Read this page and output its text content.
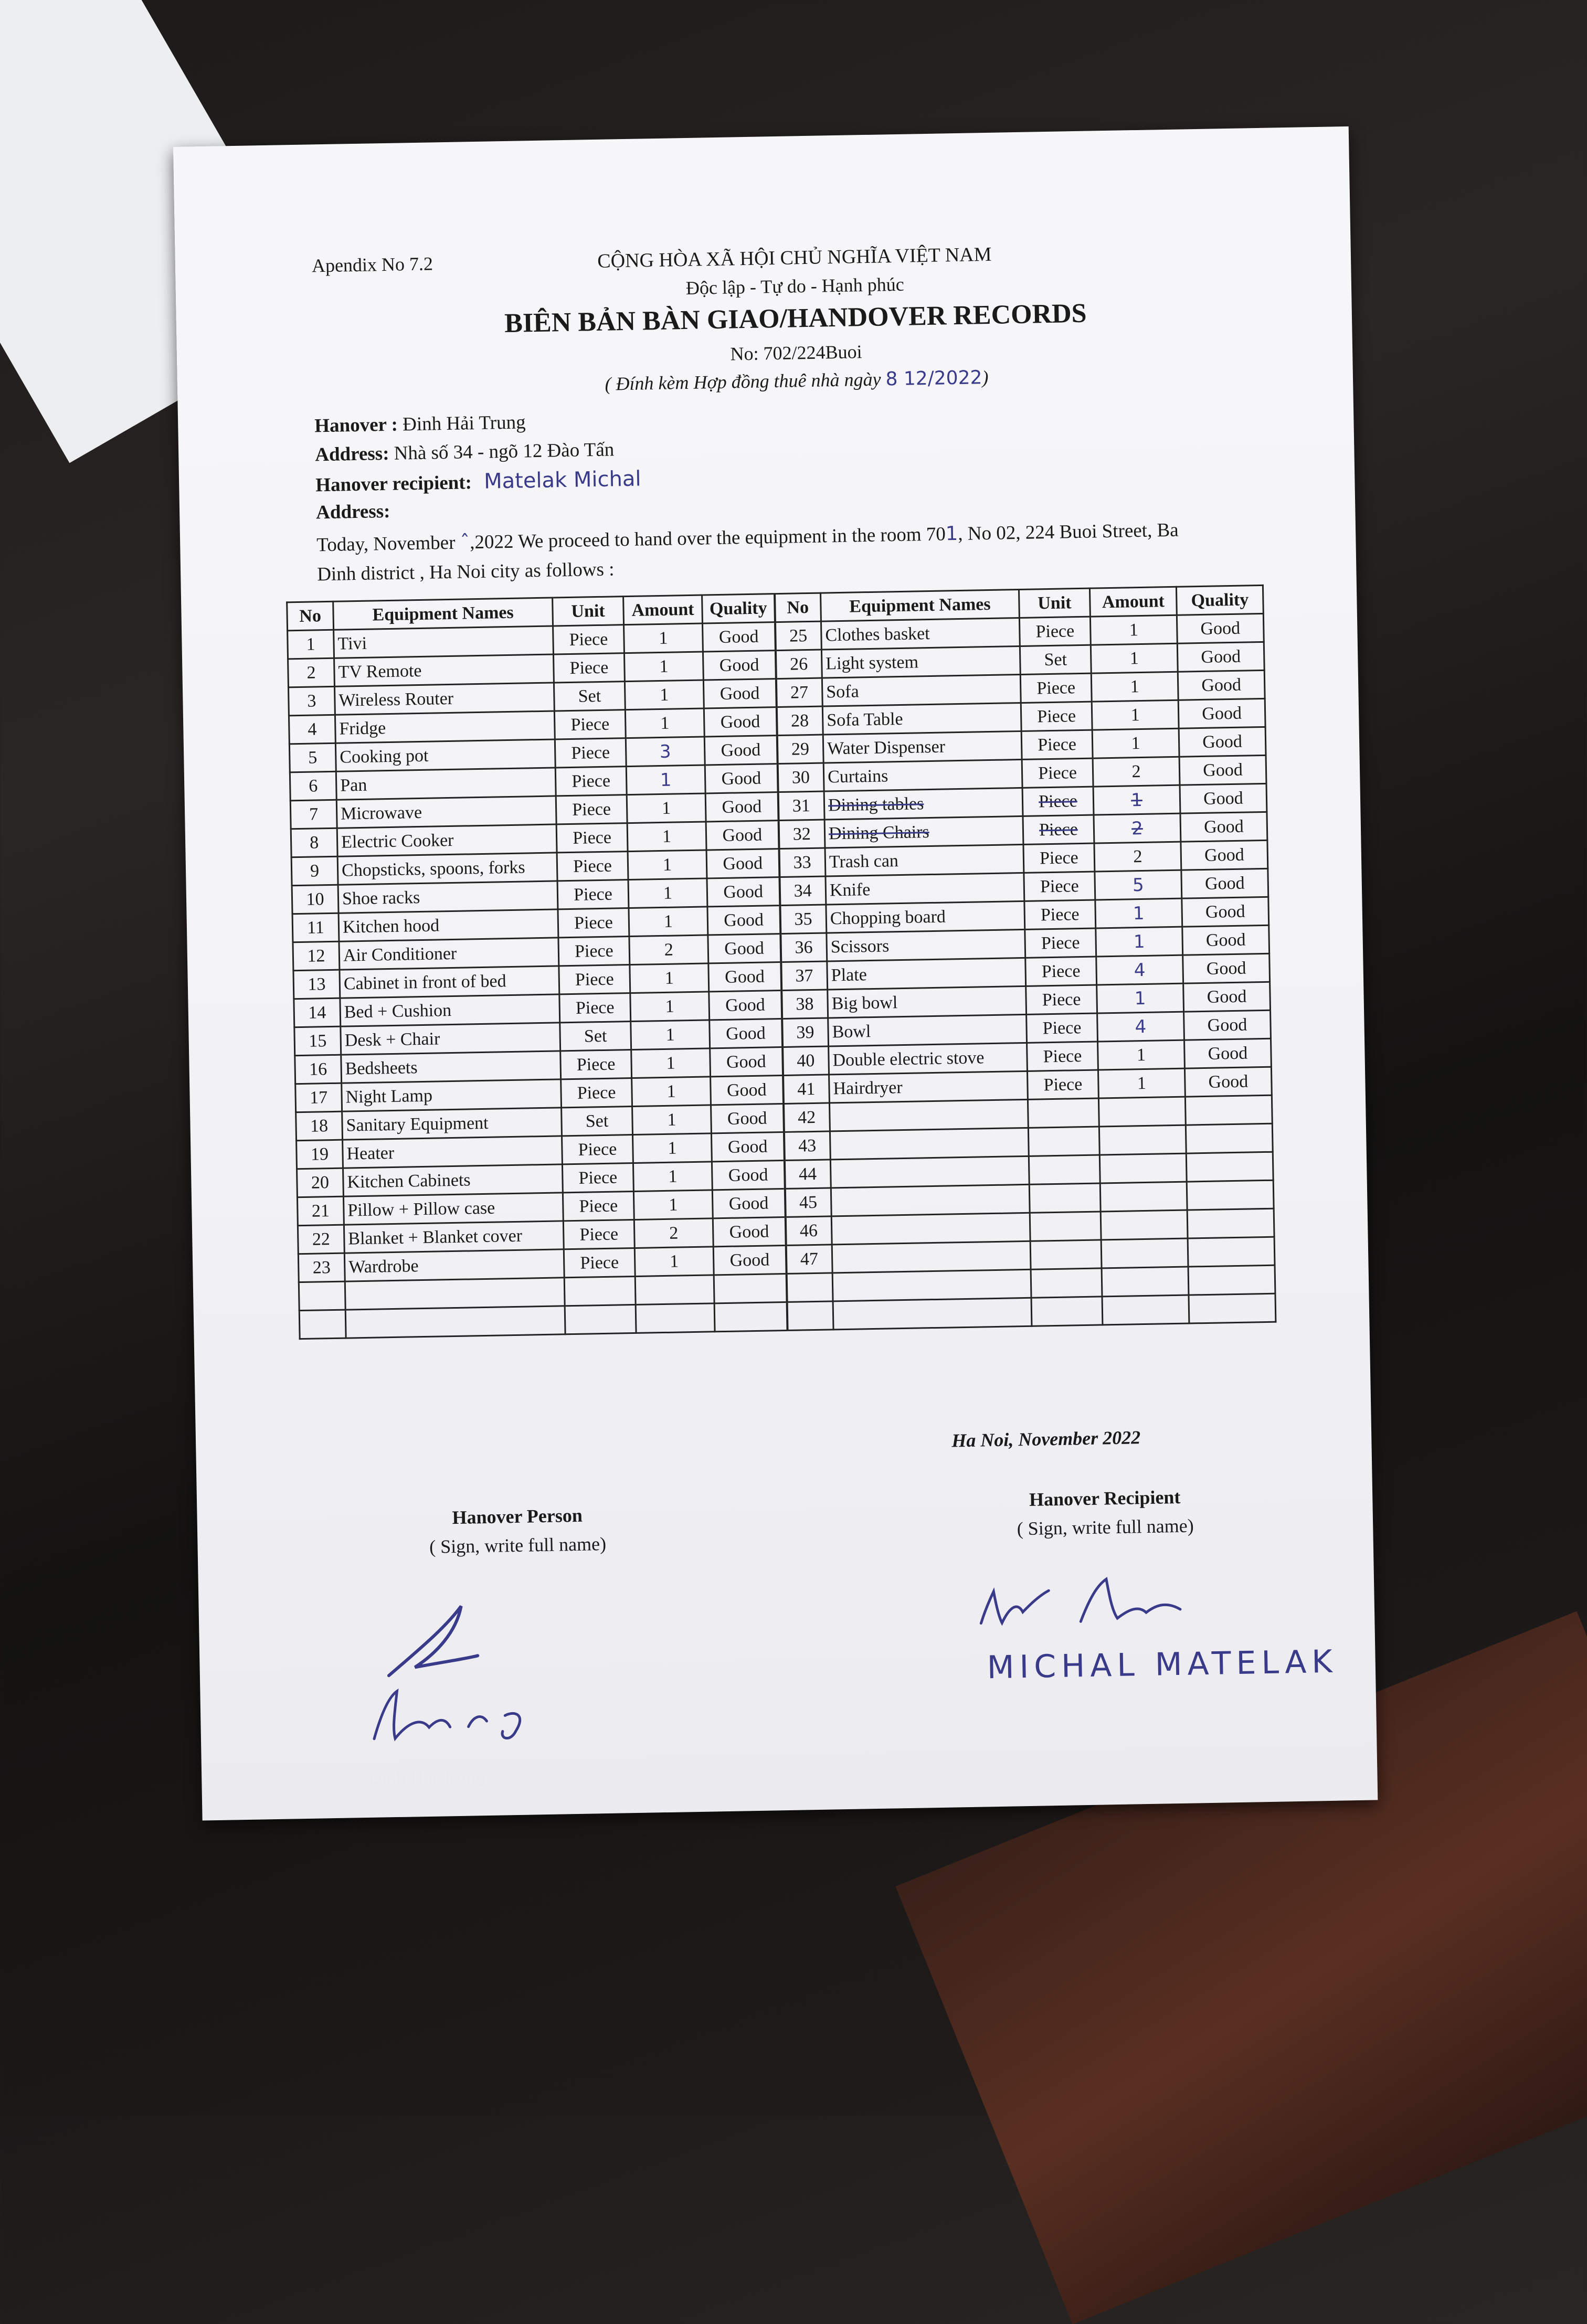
Apendix No 7.2	CỘNG HÒA XÃ HỘI CHỦ NGHĨA VIỆT NAM
Độc lập - Tự do - Hạnh phúc
BIÊN BẢN BÀN GIAO/HANDOVER RECORDS
No: 702/224Buoi
( Đính kèm Hợp đồng thuê nhà ngày 8 12/2022)
Hanover : Đinh Hải Trung
Address: Nhà số 34 - ngõ 12 Đào Tấn
Hanover recipient: Matelak Michal
Address:
Today, November ˆ,2022 We proceed to hand over the equipment in the room 701, No 02, 224 Buoi Street, Ba Dinh district , Ha Noi city as follows :
No	Equipment Names	Unit	Amount	Quality	No	Equipment Names	Unit	Amount	Quality
1	Tivi	Piece	1	Good	25	Clothes basket	Piece	1	Good
2	TV Remote	Piece	1	Good	26	Light system	Set	1	Good
3	Wireless Router	Set	1	Good	27	Sofa	Piece	1	Good
4	Fridge	Piece	1	Good	28	Sofa Table	Piece	1	Good
5	Cooking pot	Piece	3	Good	29	Water Dispenser	Piece	1	Good
6	Pan	Piece	1	Good	30	Curtains	Piece	2	Good
7	Microwave	Piece	1	Good	31	Dining tables	Piece	1	Good
8	Electric Cooker	Piece	1	Good	32	Dining Chairs	Piece	2	Good
9	Chopsticks, spoons, forks	Piece	1	Good	33	Trash can	Piece	2	Good
10	Shoe racks	Piece	1	Good	34	Knife	Piece	5	Good
11	Kitchen hood	Piece	1	Good	35	Chopping board	Piece	1	Good
12	Air Conditioner	Piece	2	Good	36	Scissors	Piece	1	Good
13	Cabinet in front of bed	Piece	1	Good	37	Plate	Piece	4	Good
14	Bed + Cushion	Piece	1	Good	38	Big bowl	Piece	1	Good
15	Desk + Chair	Set	1	Good	39	Bowl	Piece	4	Good
16	Bedsheets	Piece	1	Good	40	Double electric stove	Piece	1	Good
17	Night Lamp	Piece	1	Good	41	Hairdryer	Piece	1	Good
18	Sanitary Equipment	Set	1	Good	42				
19	Heater	Piece	1	Good	43				
20	Kitchen Cabinets	Piece	1	Good	44				
21	Pillow + Pillow case	Piece	1	Good	45				
22	Blanket + Blanket cover	Piece	2	Good	46				
23	Wardrobe	Piece	1	Good	47				

Ha Noi, November 2022
Hanover Person
( Sign, write full name)
Hanover Recipient
( Sign, write full name)
MICHAL MATELAK
